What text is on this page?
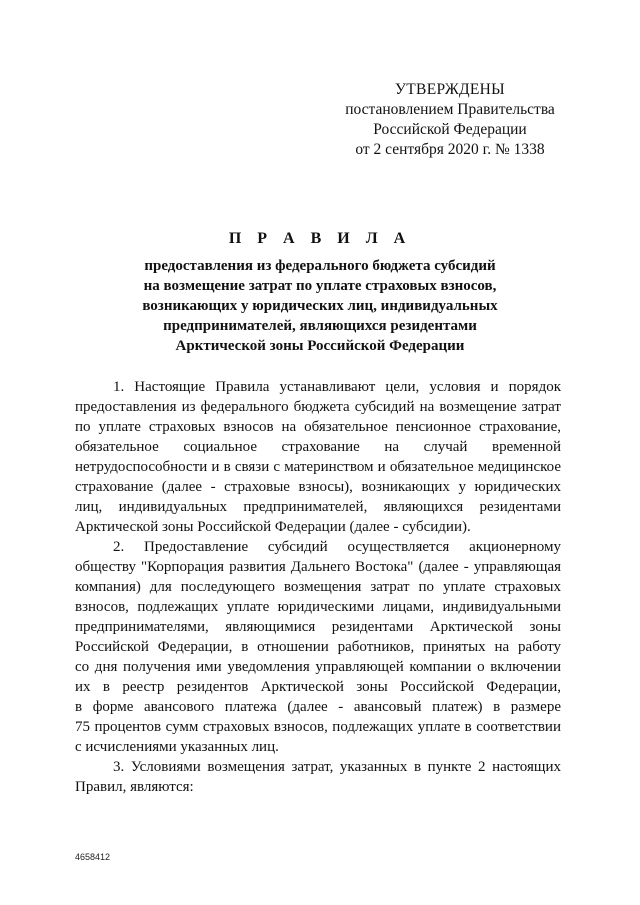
УТВЕРЖДЕНЫ
постановлением Правительства
Российской Федерации
от 2 сентября 2020 г. № 1338
П Р А В И Л А
предоставления из федерального бюджета субсидий
на возмещение затрат по уплате страховых взносов,
возникающих у юридических лиц, индивидуальных
предпринимателей, являющихся резидентами
Арктической зоны Российской Федерации

1. Настоящие Правила устанавливают цели, условия и порядок
предоставления из федерального бюджета субсидий на возмещение затрат
по уплате страховых взносов на обязательное пенсионное страхование,
обязательное социальное страхование на случай временной
нетрудоспособности и в связи с материнством и обязательное медицинское
страхование (далее - страховые взносы), возникающих у юридических
лиц, индивидуальных предпринимателей, являющихся резидентами
Арктической зоны Российской Федерации (далее - субсидии).

2. Предоставление субсидий осуществляется акционерному
обществу "Корпорация развития Дальнего Востока" (далее - управляющая
компания) для последующего возмещения затрат по уплате страховых
взносов, подлежащих уплате юридическими лицами, индивидуальными
предпринимателями, являющимися резидентами Арктической зоны
Российской Федерации, в отношении работников, принятых на работу
со дня получения ими уведомления управляющей компании о включении
их в реестр резидентов Арктической зоны Российской Федерации,
в форме авансового платежа (далее - авансовый платеж) в размере
75 процентов сумм страховых взносов, подлежащих уплате в соответствии
с исчислениями указанных лиц.

3. Условиями возмещения затрат, указанных в пункте 2 настоящих
Правил, являются:

4658412
